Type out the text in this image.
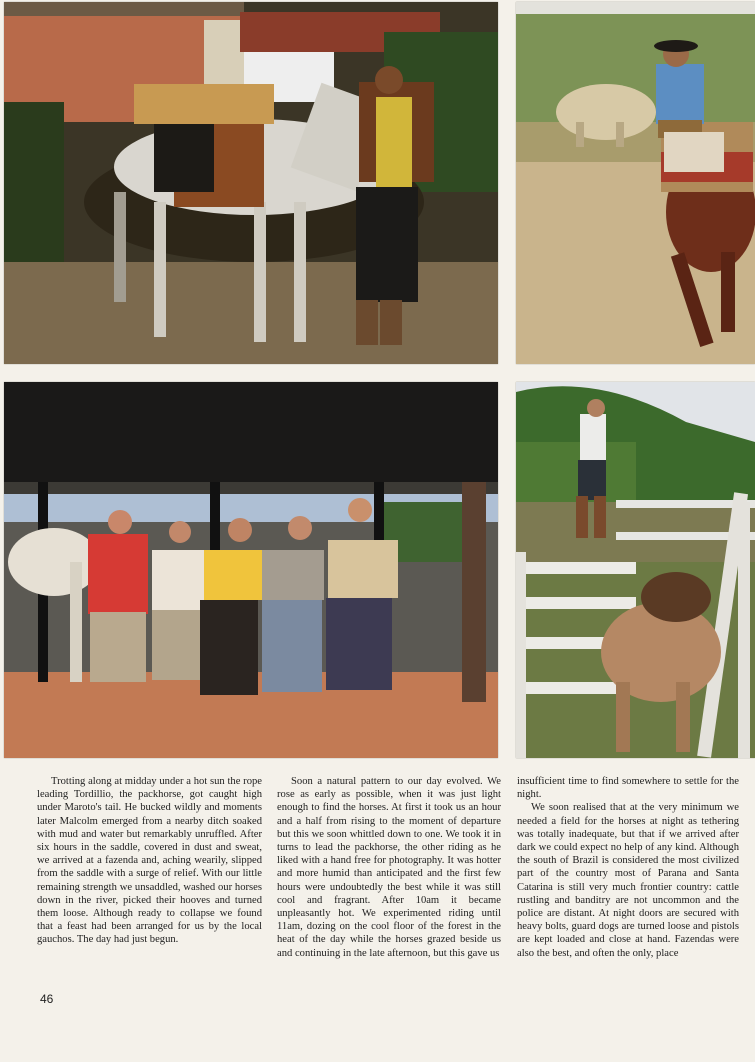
Trotting along at midday under a hot sun the rope leading Tordillio, the packhorse, got caught high under Maroto's tail. He bucked wildly and moments later Malcolm emerged from a nearby ditch soaked with mud and water but remarkably unruffled. After six hours in the saddle, covered in dust and sweat, we arrived at a fazenda and, aching wearily, slipped from the saddle with a surge of relief. With our little remaining strength we unsaddled, washed our horses down in the river, picked their hooves and turned them loose. Although ready to collapse we found that a feast had been arranged for us by the local gauchos. The day had just begun.

Soon a natural pattern to our day evolved. We rose as early as possible, when it was just light enough to find the horses. At first it took us an hour and a half from rising to the moment of departure but this we soon whittled down to one. We took it in turns to lead the packhorse, the other riding as he liked with a hand free for photography. It was hotter and more humid than anticipated and the first few hours were undoubtedly the best while it was still cool and fragrant. After 10am it became unpleasantly hot. We experimented riding until 11am, dozing on the cool floor of the forest in the heat of the day while the horses grazed beside us and continuing in the late afternoon, but this gave us

insufficient time to find somewhere to settle for the night.

We soon realised that at the very minimum we needed a field for the horses at night as tethering was totally inadequate, but that if we arrived after dark we could expect no help of any kind. Although the south of Brazil is considered the most civilized part of the country most of Parana and Santa Catarina is still very much frontier country: cattle rustling and banditry are not uncommon and the police are distant. At night doors are secured with heavy bolts, guard dogs are turned loose and pistols are kept loaded and close at hand. Fazendas were also the best, and often the only, place

46
